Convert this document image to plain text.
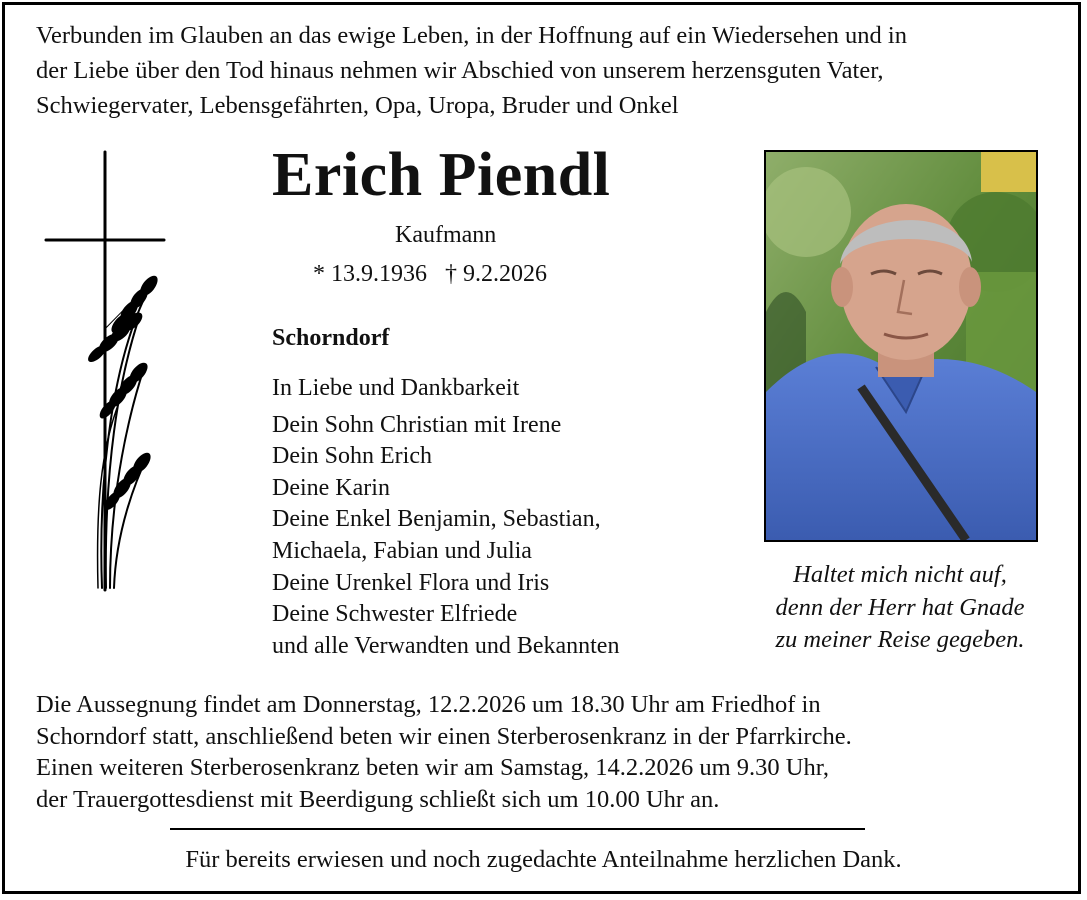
Verbunden im Glauben an das ewige Leben, in der Hoffnung auf ein Wiedersehen und in

der Liebe über den Tod hinaus nehmen wir Abschied von unserem herzensguten Vater,

Schwiegervater, Lebensgefährten, Opa, Uropa, Bruder und Onkel

Erich Piendl
Kaufmann
* 13.9.1936 † 9.2.2026
Schorndorf
In Liebe und Dankbarkeit
Dein Sohn Christian mit Irene
Dein Sohn Erich
Deine Karin
Deine Enkel Benjamin, Sebastian,
Michaela, Fabian und Julia
Deine Urenkel Flora und Iris
Deine Schwester Elfriede
und alle Verwandten und Bekannten
Haltet mich nicht auf,
denn der Herr hat Gnade
zu meiner Reise gegeben.
Die Aussegnung findet am Donnerstag, 12.2.2026 um 18.30 Uhr am Friedhof in
Schorndorf statt, anschließend beten wir einen Sterberosenkranz in der Pfarrkirche.
Einen weiteren Sterberosenkranz beten wir am Samstag, 14.2.2026 um 9.30 Uhr,
der Trauergottesdienst mit Beerdigung schließt sich um 10.00 Uhr an.
Für bereits erwiesen und noch zugedachte Anteilnahme herzlichen Dank.
